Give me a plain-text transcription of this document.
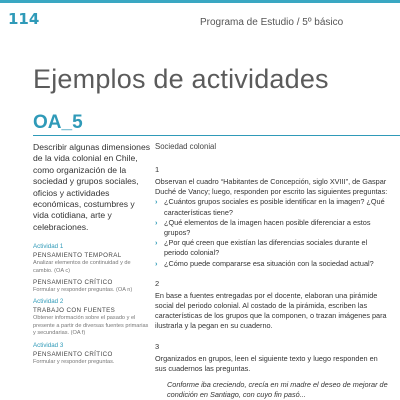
114	Programa de Estudio / 5º básico
Ejemplos de actividades
OA_5

Describir algunas dimensiones de la vida colonial en Chile, como organización de la sociedad y grupos sociales, oficios y actividades económicas, costumbres y vida cotidiana, arte y celebraciones.

Actividad 1

PENSAMIENTO TEMPORAL

Analizar elementos de continuidad y de cambio. (OA c)

PENSAMIENTO CRÍTICO

Formular y responder preguntas. (OA n)

Actividad 2

TRABAJO CON FUENTES

Obtener información sobre el pasado y el presente a partir de diversas fuentes primarias y secundarias. (OA f)

Actividad 3

PENSAMIENTO CRÍTICO

Formular y responder preguntas.

Sociedad colonial

1

Observan el cuadro “Habitantes de Concepción, siglo XVIII”, de Gaspar Duché de Vancy; luego, responden por escrito las siguientes preguntas:

› ¿Cuántos grupos sociales es posible identificar en la imagen? ¿Qué características tiene?
› ¿Qué elementos de la imagen hacen posible diferenciar a estos grupos?
› ¿Por qué creen que existían las diferencias sociales durante el periodo colonial?
› ¿Cómo puede compararse esa situación con la sociedad actual?

2

En base a fuentes entregadas por el docente, elaboran una pirámide social del periodo colonial. Al costado de la pirámida, escriben las características de los grupos que la componen, o trazan imágenes para ilustrarla y la pegan en su cuaderno.

3

Organizados en grupos, leen el siguiente texto y luego responden en sus cuadernos las preguntas.

Conforme iba creciendo, crecía en mi madre el deseo de mejorar de condición en Santiago, con cuyo fin pasó...
